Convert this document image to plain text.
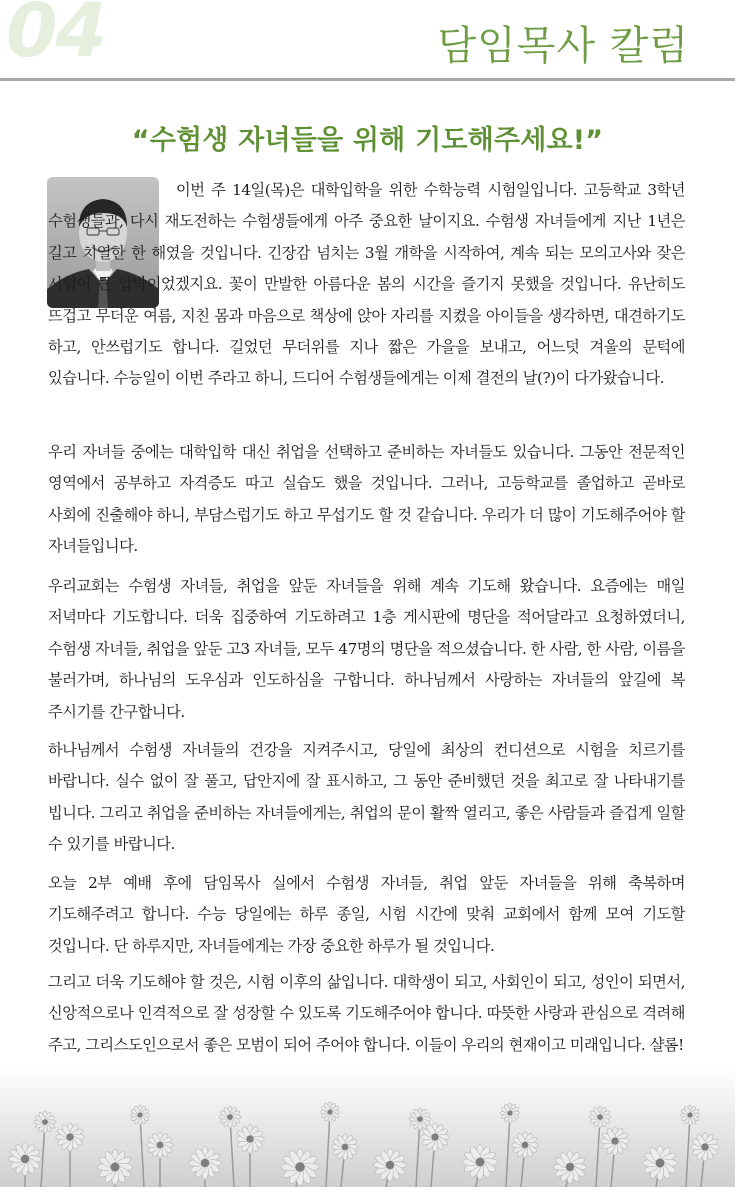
04	담임목사 칼럼
“수험생 자녀들을 위해 기도해주세요!”

이번 주 14일(목)은 대학입학을 위한 수학능력 시험일입니다. 고등학교 3학년 수험생들과, 다시 재도전하는 수험생들에게 아주 중요한 날이지요. 수험생 자녀들에게 지난 1년은 길고 치열한 한 해였을 것입니다. 긴장감 넘치는 3월 개학을 시작하여, 계속 되는 모의고사와 잦은 시험이 큰 압박이었겠지요. 꽃이 만발한 아름다운 봄의 시간을 즐기지 못했을 것입니다. 유난히도 뜨겁고 무더운 여름, 지친 몸과 마음으로 책상에 앉아 자리를 지켰을 아이들을 생각하면, 대견하기도 하고, 안쓰럽기도 합니다. 길었던 무더위를 지나 짧은 가을을 보내고, 어느덧 겨울의 문턱에 있습니다. 수능일이 이번 주라고 하니, 드디어 수험생들에게는 이제 결전의 날(?)이 다가왔습니다.

우리 자녀들 중에는 대학입학 대신 취업을 선택하고 준비하는 자녀들도 있습니다. 그동안 전문적인 영역에서 공부하고 자격증도 따고 실습도 했을 것입니다. 그러나, 고등학교를 졸업하고 곧바로 사회에 진출해야 하니, 부담스럽기도 하고 무섭기도 할 것 같습니다. 우리가 더 많이 기도해주어야 할 자녀들입니다.

우리교회는 수험생 자녀들, 취업을 앞둔 자녀들을 위해 계속 기도해 왔습니다. 요즘에는 매일 저녁마다 기도합니다. 더욱 집중하여 기도하려고 1층 게시판에 명단을 적어달라고 요청하였더니, 수험생 자녀들, 취업을 앞둔 고3 자녀들, 모두 47명의 명단을 적으셨습니다. 한 사람, 한 사람, 이름을 불러가며, 하나님의 도우심과 인도하심을 구합니다. 하나님께서 사랑하는 자녀들의 앞길에 복 주시기를 간구합니다.

하나님께서 수험생 자녀들의 건강을 지켜주시고, 당일에 최상의 컨디션으로 시험을 치르기를 바랍니다. 실수 없이 잘 풀고, 답안지에 잘 표시하고, 그 동안 준비했던 것을 최고로 잘 나타내기를 빕니다. 그리고 취업을 준비하는 자녀들에게는, 취업의 문이 활짝 열리고, 좋은 사람들과 즐겁게 일할 수 있기를 바랍니다.

오늘 2부 예배 후에 담임목사 실에서 수험생 자녀들, 취업 앞둔 자녀들을 위해 축복하며 기도해주려고 합니다. 수능 당일에는 하루 종일, 시험 시간에 맞춰 교회에서 함께 모여 기도할 것입니다. 단 하루지만, 자녀들에게는 가장 중요한 하루가 될 것입니다.

그리고 더욱 기도해야 할 것은, 시험 이후의 삶입니다. 대학생이 되고, 사회인이 되고, 성인이 되면서, 신앙적으로나 인격적으로 잘 성장할 수 있도록 기도해주어야 합니다. 따뜻한 사랑과 관심으로 격려해 주고, 그리스도인으로서 좋은 모범이 되어 주어야 합니다. 이들이 우리의 현재이고 미래입니다. 샬롬!
